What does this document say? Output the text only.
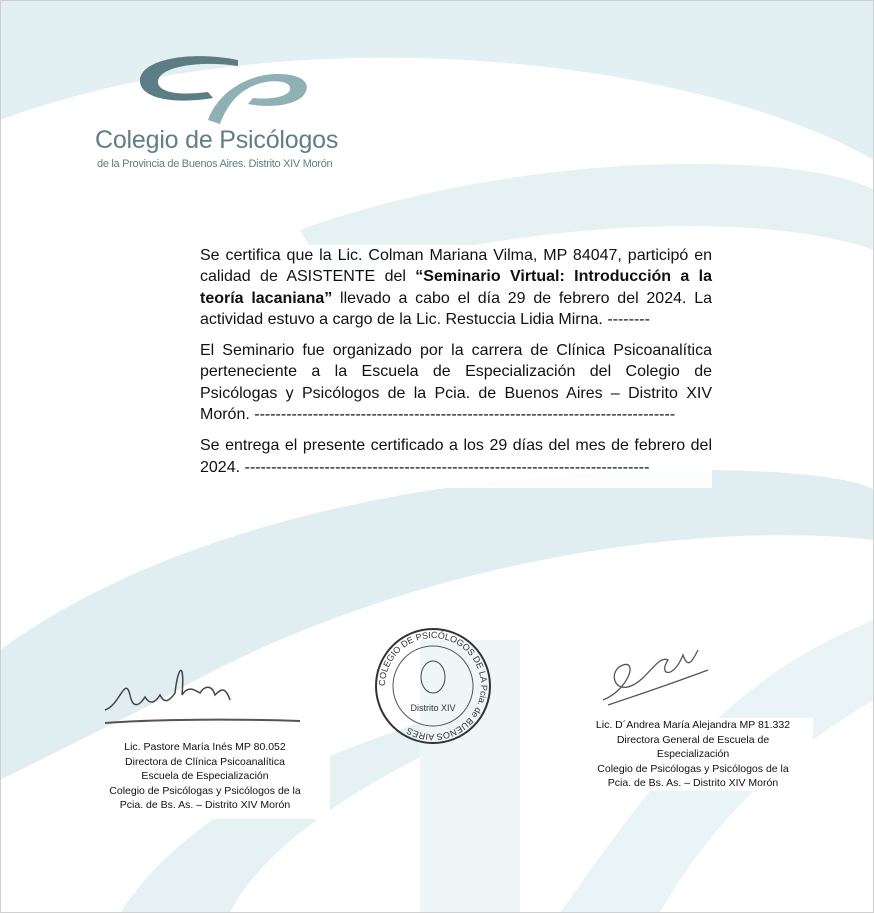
Colegio de Psicólogos
de la Provincia de Buenos Aires. Distrito XIV Morón

Se certifica que la Lic. Colman Mariana Vilma, MP 84047, participó en calidad de ASISTENTE del “Seminario Virtual: Introducción a la teoría lacaniana” llevado a cabo el día 29 de febrero del 2024. La actividad estuvo a cargo de la Lic. Restuccia Lidia Mirna. --------

El Seminario fue organizado por la carrera de Clínica Psicoanalítica perteneciente a la Escuela de Especialización del Colegio de Psicólogas y Psicólogos de la Pcia. de Buenos Aires – Distrito XIV Morón. -------------------------------------------------------------------------------

Se entrega el presente certificado a los 29 días del mes de febrero del 2024. ----------------------------------------------------------------------------

Lic. Pastore María Inés MP 80.052
Directora de Clínica Psicoanalítica
Escuela de Especialización
Colegio de Psicólogas y Psicólogos de la
Pcia. de Bs. As. – Distrito XIV Morón
COLEGIO DE PSICÓLOGOS DE LA Pcia. de BUENOS AIRES
Distrito XIV
Lic. D´Andrea María Alejandra MP 81.332
Directora General de Escuela de
Especialización
Colegio de Psicólogas y Psicólogos de la
Pcia. de Bs. As. – Distrito XIV Morón
